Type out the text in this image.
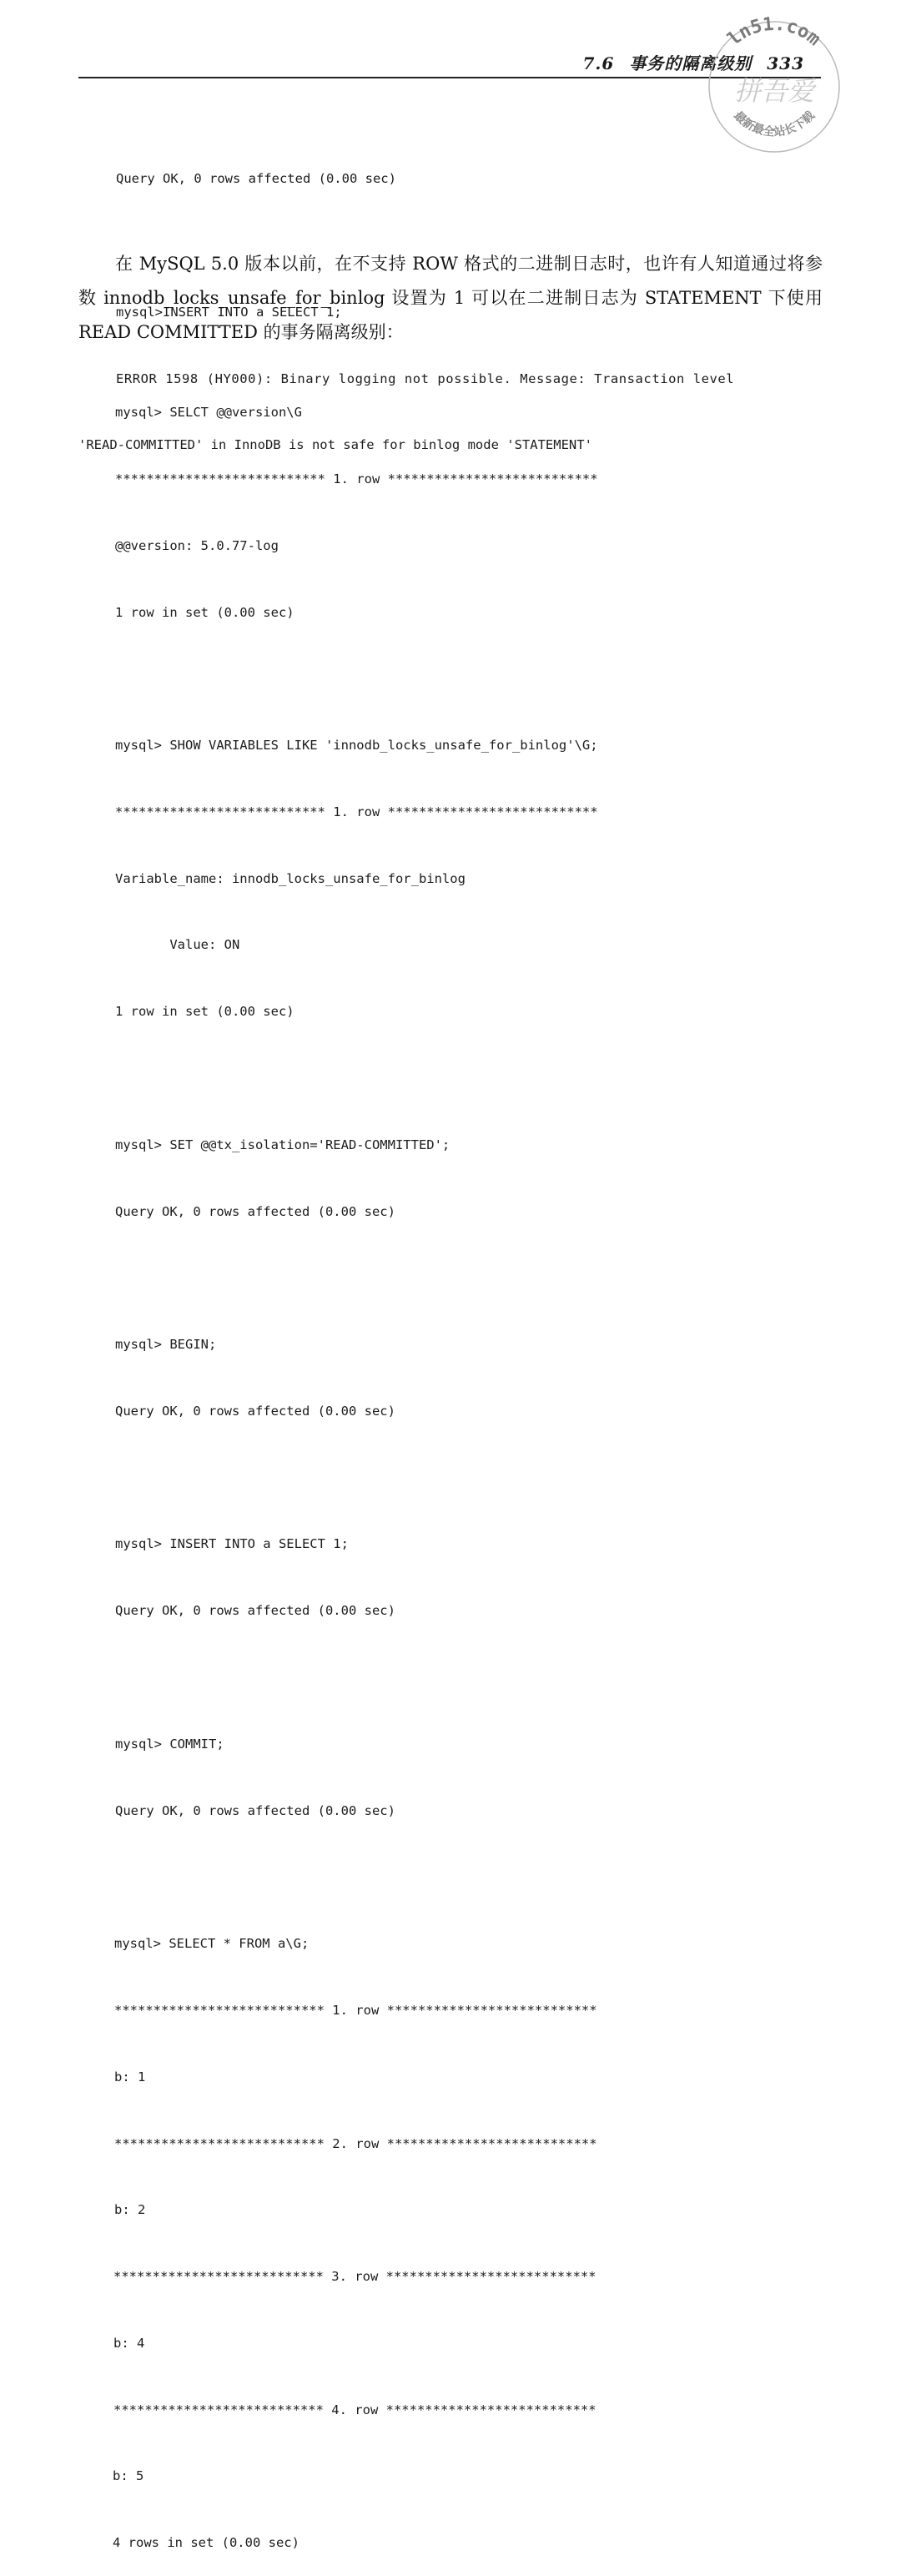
7.6 事务的隔离级别 333
ln51.com
拼吾爱
最新最全站长下载

Query OK, 0 rows affected (0.00 sec)

mysql>INSERT INTO a SELECT 1;

ERROR 1598 (HY000): Binary logging not possible. Message: Transaction level

'READ-COMMITTED' in InnoDB is not safe for binlog mode 'STATEMENT'

在 MySQL 5.0 版本以前，在不支持 ROW 格式的二进制日志时，也许有人知道通过将参数 innodb_locks_unsafe_for_binlog 设置为 1 可以在二进制日志为 STATEMENT 下使用 READ COMMITTED 的事务隔离级别：

mysql> SELCT @@version\G

*************************** 1. row ***************************

@@version: 5.0.77-log

1 row in set (0.00 sec)

mysql> SHOW VARIABLES LIKE 'innodb_locks_unsafe_for_binlog'\G;

*************************** 1. row ***************************

Variable_name: innodb_locks_unsafe_for_binlog

Value: ON

1 row in set (0.00 sec)

mysql> SET @@tx_isolation='READ-COMMITTED';

Query OK, 0 rows affected (0.00 sec)

mysql> BEGIN;

Query OK, 0 rows affected (0.00 sec)

mysql> INSERT INTO a SELECT 1;

Query OK, 0 rows affected (0.00 sec)

mysql> COMMIT;

Query OK, 0 rows affected (0.00 sec)

mysql> SELECT * FROM a\G;

*************************** 1. row ***************************

b: 1

*************************** 2. row ***************************

b: 2

*************************** 3. row ***************************

b: 4

*************************** 4. row ***************************

b: 5

4 rows in set (0.00 sec)
